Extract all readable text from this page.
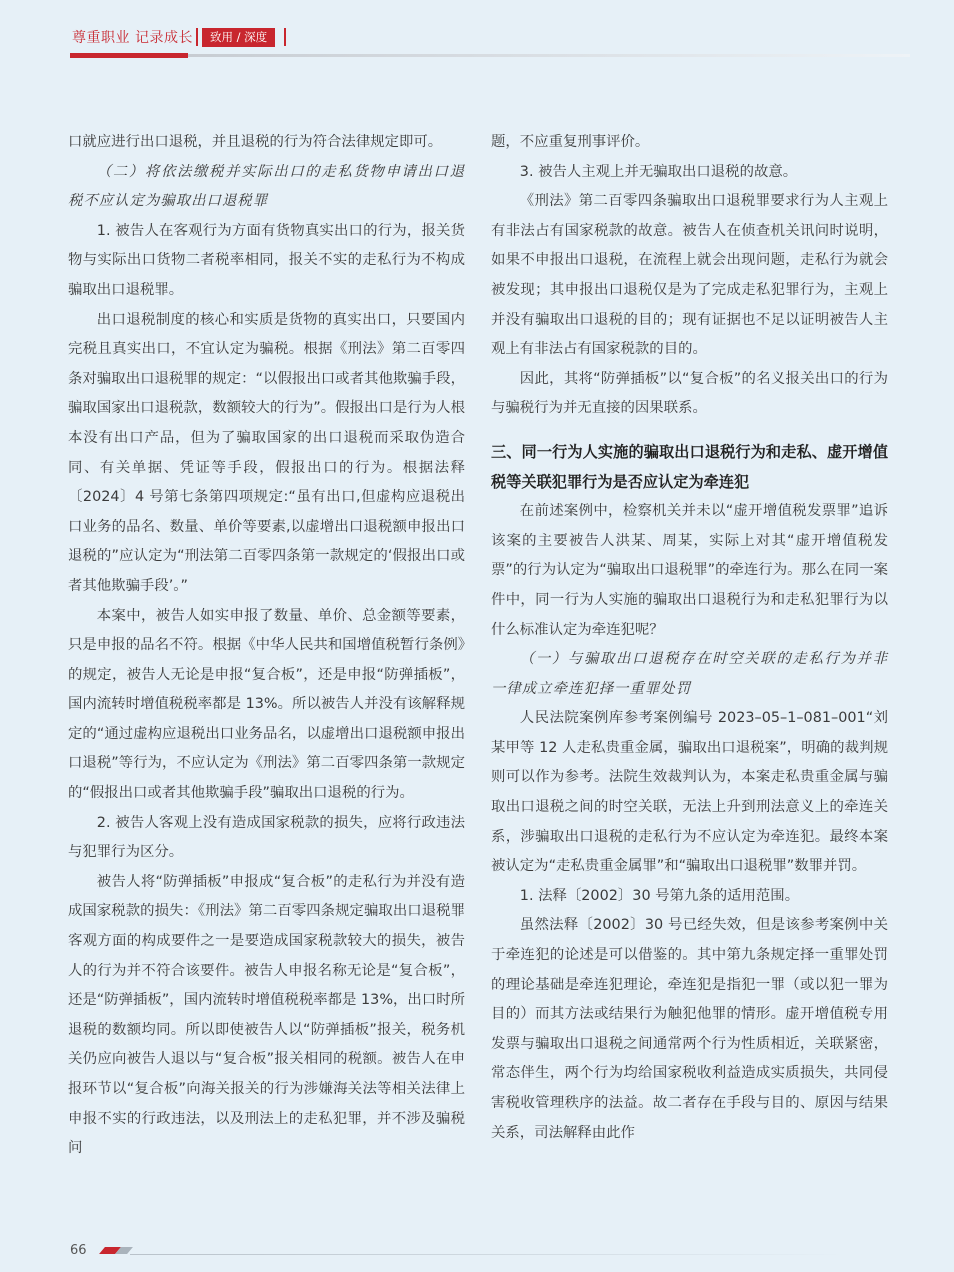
尊重职业 记录成长	致用 / 深度

口就应进行出口退税，并且退税的行为符合法律规定即可。

（二）将依法缴税并实际出口的走私货物申请出口退税不应认定为骗取出口退税罪

1. 被告人在客观行为方面有货物真实出口的行为，报关货物与实际出口货物二者税率相同，报关不实的走私行为不构成骗取出口退税罪。

出口退税制度的核心和实质是货物的真实出口，只要国内完税且真实出口，不宜认定为骗税。根据《刑法》第二百零四条对骗取出口退税罪的规定：“以假报出口或者其他欺骗手段，骗取国家出口退税款，数额较大的行为”。假报出口是行为人根本没有出口产品，但为了骗取国家的出口退税而采取伪造合同、有关单据、凭证等手段，假报出口的行为。根据法释〔2024〕4 号第七条第四项规定:“虽有出口,但虚构应退税出口业务的品名、数量、单价等要素,以虚增出口退税额申报出口退税的”应认定为“刑法第二百零四条第一款规定的‘假报出口或者其他欺骗手段’。”

本案中，被告人如实申报了数量、单价、总金额等要素，只是申报的品名不符。根据《中华人民共和国增值税暂行条例》的规定，被告人无论是申报“复合板”，还是申报“防弹插板”，国内流转时增值税税率都是 13%。所以被告人并没有该解释规定的“通过虚构应退税出口业务品名，以虚增出口退税额申报出口退税”等行为，不应认定为《刑法》第二百零四条第一款规定的“假报出口或者其他欺骗手段”骗取出口退税的行为。

2. 被告人客观上没有造成国家税款的损失，应将行政违法与犯罪行为区分。

被告人将“防弹插板”申报成“复合板”的走私行为并没有造成国家税款的损失：《刑法》第二百零四条规定骗取出口退税罪客观方面的构成要件之一是要造成国家税款较大的损失，被告人的行为并不符合该要件。被告人申报名称无论是“复合板”，还是“防弹插板”，国内流转时增值税税率都是 13%，出口时所退税的数额均同。所以即使被告人以“防弹插板”报关，税务机关仍应向被告人退以与“复合板”报关相同的税额。被告人在申报环节以“复合板”向海关报关的行为涉嫌海关法等相关法律上申报不实的行政违法，以及刑法上的走私犯罪，并不涉及骗税问

题，不应重复刑事评价。

3. 被告人主观上并无骗取出口退税的故意。

《刑法》第二百零四条骗取出口退税罪要求行为人主观上有非法占有国家税款的故意。被告人在侦查机关讯问时说明，如果不申报出口退税，在流程上就会出现问题，走私行为就会被发现；其申报出口退税仅是为了完成走私犯罪行为，主观上并没有骗取出口退税的目的；现有证据也不足以证明被告人主观上有非法占有国家税款的目的。

因此，其将“防弹插板”以“复合板”的名义报关出口的行为与骗税行为并无直接的因果联系。

三、同一行为人实施的骗取出口退税行为和走私、虚开增值税等关联犯罪行为是否应认定为牵连犯

在前述案例中，检察机关并未以“虚开增值税发票罪”追诉该案的主要被告人洪某、周某，实际上对其“虚开增值税发票”的行为认定为“骗取出口退税罪”的牵连行为。那么在同一案件中，同一行为人实施的骗取出口退税行为和走私犯罪行为以什么标准认定为牵连犯呢？

（一）与骗取出口退税存在时空关联的走私行为并非一律成立牵连犯择一重罪处罚

人民法院案例库参考案例编号 2023–05–1–081–001“刘某甲等 12 人走私贵重金属，骗取出口退税案”，明确的裁判规则可以作为参考。法院生效裁判认为，本案走私贵重金属与骗取出口退税之间的时空关联，无法上升到刑法意义上的牵连关系，涉骗取出口退税的走私行为不应认定为牵连犯。最终本案被认定为“走私贵重金属罪”和“骗取出口退税罪”数罪并罚。

1. 法释〔2002〕30 号第九条的适用范围。

虽然法释〔2002〕30 号已经失效，但是该参考案例中关于牵连犯的论述是可以借鉴的。其中第九条规定择一重罪处罚的理论基础是牵连犯理论，牵连犯是指犯一罪（或以犯一罪为目的）而其方法或结果行为触犯他罪的情形。虚开增值税专用发票与骗取出口退税之间通常两个行为性质相近，关联紧密，常态伴生，两个行为均给国家税收利益造成实质损失，共同侵害税收管理秩序的法益。故二者存在手段与目的、原因与结果关系，司法解释由此作

66
